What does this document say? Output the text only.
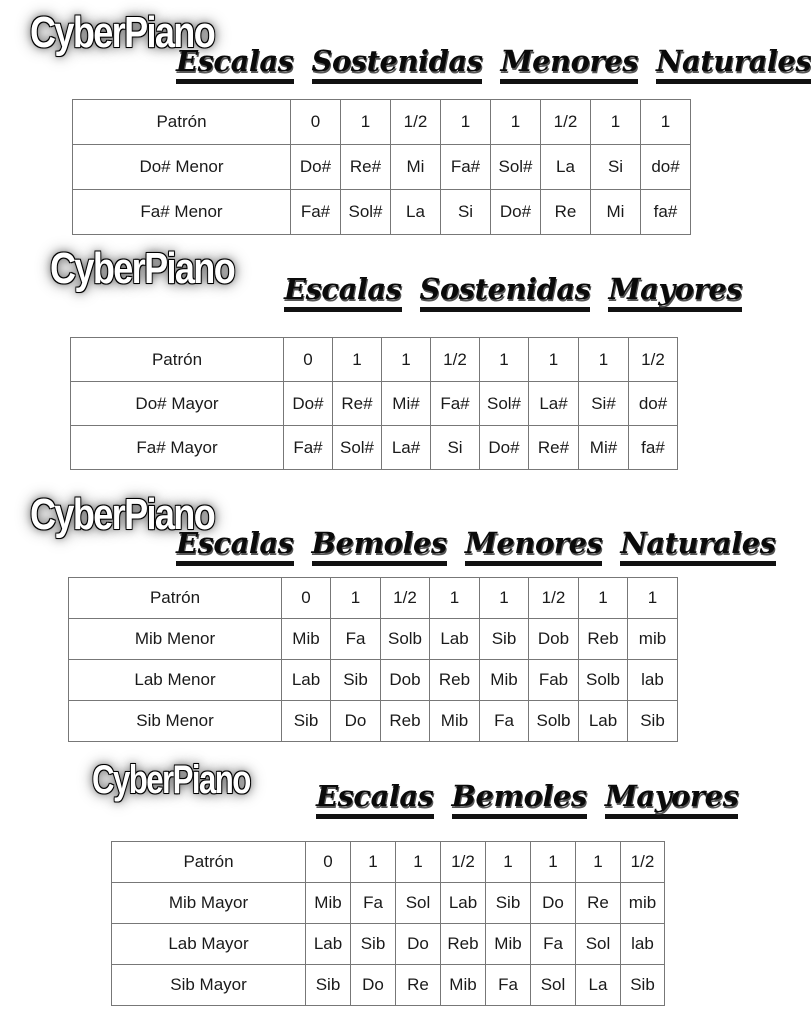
CyberPiano
Escalas Sostenidas Menores Naturales
Patrón	0	1	1/2	1	1	1/2	1	1
Do# Menor	Do#	Re#	Mi	Fa#	Sol#	La	Si	do#
Fa# Menor	Fa#	Sol#	La	Si	Do#	Re	Mi	fa#
CyberPiano Escalas Sostenidas Mayores
Patrón	0	1	1	1/2	1	1	1	1/2
Do# Mayor	Do#	Re#	Mi#	Fa#	Sol#	La#	Si#	do#
Fa# Mayor	Fa#	Sol#	La#	Si	Do#	Re#	Mi#	fa#
CyberPiano
Escalas Bemoles Menores Naturales
Patrón	0	1	1/2	1	1	1/2	1	1
Mib Menor	Mib	Fa	Solb	Lab	Sib	Dob	Reb	mib
Lab Menor	Lab	Sib	Dob	Reb	Mib	Fab	Solb	lab
Sib Menor	Sib	Do	Reb	Mib	Fa	Solb	Lab	Sib
CyberPiano Escalas Bemoles Mayores
Patrón	0	1	1	1/2	1	1	1	1/2
Mib Mayor	Mib	Fa	Sol	Lab	Sib	Do	Re	mib
Lab Mayor	Lab	Sib	Do	Reb	Mib	Fa	Sol	lab
Sib Mayor	Sib	Do	Re	Mib	Fa	Sol	La	Sib
